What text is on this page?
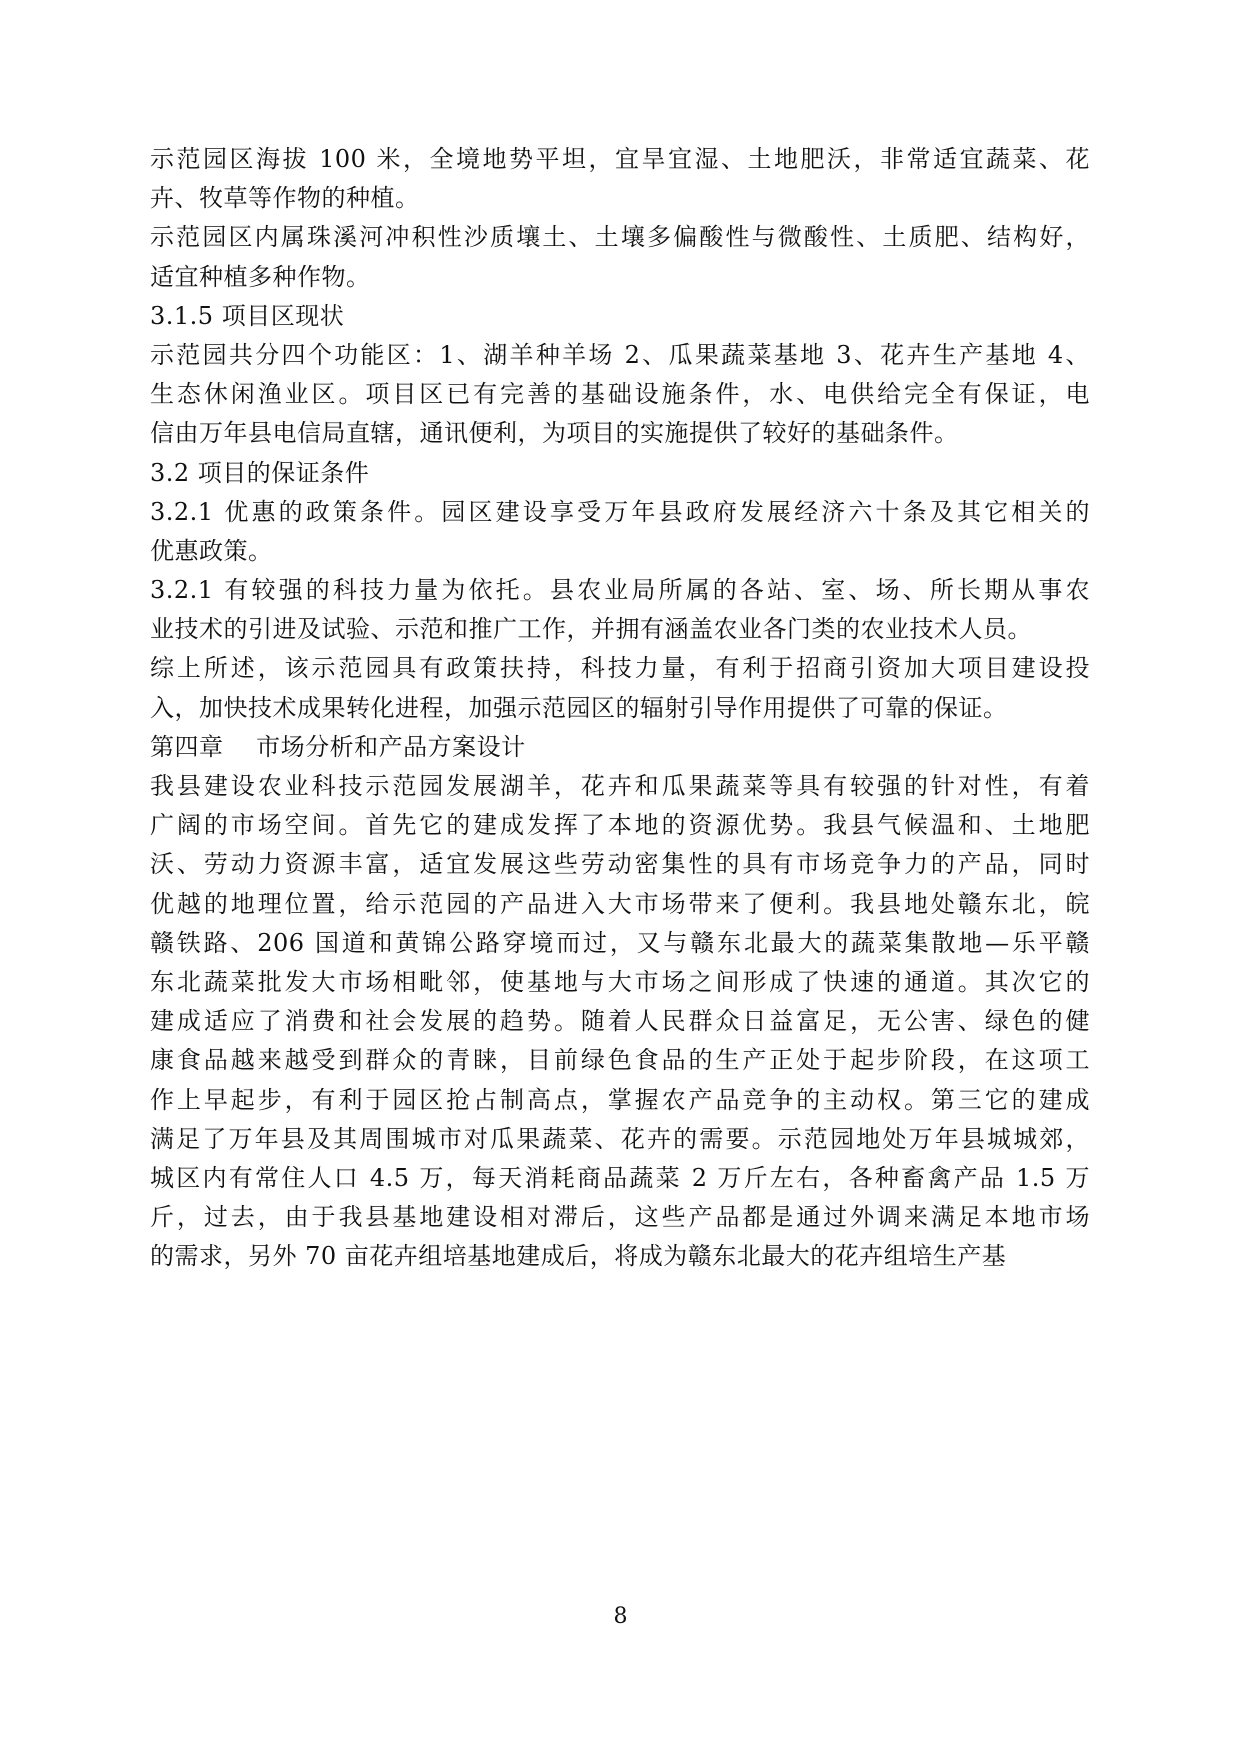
示范园区海拔 100 米，全境地势平坦，宜旱宜湿、土地肥沃，非常适宜蔬菜、花
卉、牧草等作物的种植。
示范园区内属珠溪河冲积性沙质壤土、土壤多偏酸性与微酸性、土质肥、结构好，
适宜种植多种作物。
3.1.5 项目区现状
示范园共分四个功能区：1、湖羊种羊场 2、瓜果蔬菜基地 3、花卉生产基地 4、
生态休闲渔业区。项目区已有完善的基础设施条件，水、电供给完全有保证，电
信由万年县电信局直辖，通讯便利，为项目的实施提供了较好的基础条件。
3.2 项目的保证条件
3.2.1 优惠的政策条件。园区建设享受万年县政府发展经济六十条及其它相关的
优惠政策。
3.2.1 有较强的科技力量为依托。县农业局所属的各站、室、场、所长期从事农
业技术的引进及试验、示范和推广工作，并拥有涵盖农业各门类的农业技术人员。
综上所述，该示范园具有政策扶持，科技力量，有利于招商引资加大项目建设投
入，加快技术成果转化进程，加强示范园区的辐射引导作用提供了可靠的保证。
第四章　 市场分析和产品方案设计
我县建设农业科技示范园发展湖羊，花卉和瓜果蔬菜等具有较强的针对性，有着
广阔的市场空间。首先它的建成发挥了本地的资源优势。我县气候温和、土地肥
沃、劳动力资源丰富，适宜发展这些劳动密集性的具有市场竞争力的产品，同时
优越的地理位置，给示范园的产品进入大市场带来了便利。我县地处赣东北，皖
赣铁路、206 国道和黄锦公路穿境而过，又与赣东北最大的蔬菜集散地—乐平赣
东北蔬菜批发大市场相毗邻，使基地与大市场之间形成了快速的通道。其次它的
建成适应了消费和社会发展的趋势。随着人民群众日益富足，无公害、绿色的健
康食品越来越受到群众的青睐，目前绿色食品的生产正处于起步阶段，在这项工
作上早起步，有利于园区抢占制高点，掌握农产品竞争的主动权。第三它的建成
满足了万年县及其周围城市对瓜果蔬菜、花卉的需要。示范园地处万年县城城郊，
城区内有常住人口 4.5 万，每天消耗商品蔬菜 2 万斤左右，各种畜禽产品 1.5 万
斤，过去，由于我县基地建设相对滞后，这些产品都是通过外调来满足本地市场
的需求，另外 70 亩花卉组培基地建成后，将成为赣东北最大的花卉组培生产基
8
